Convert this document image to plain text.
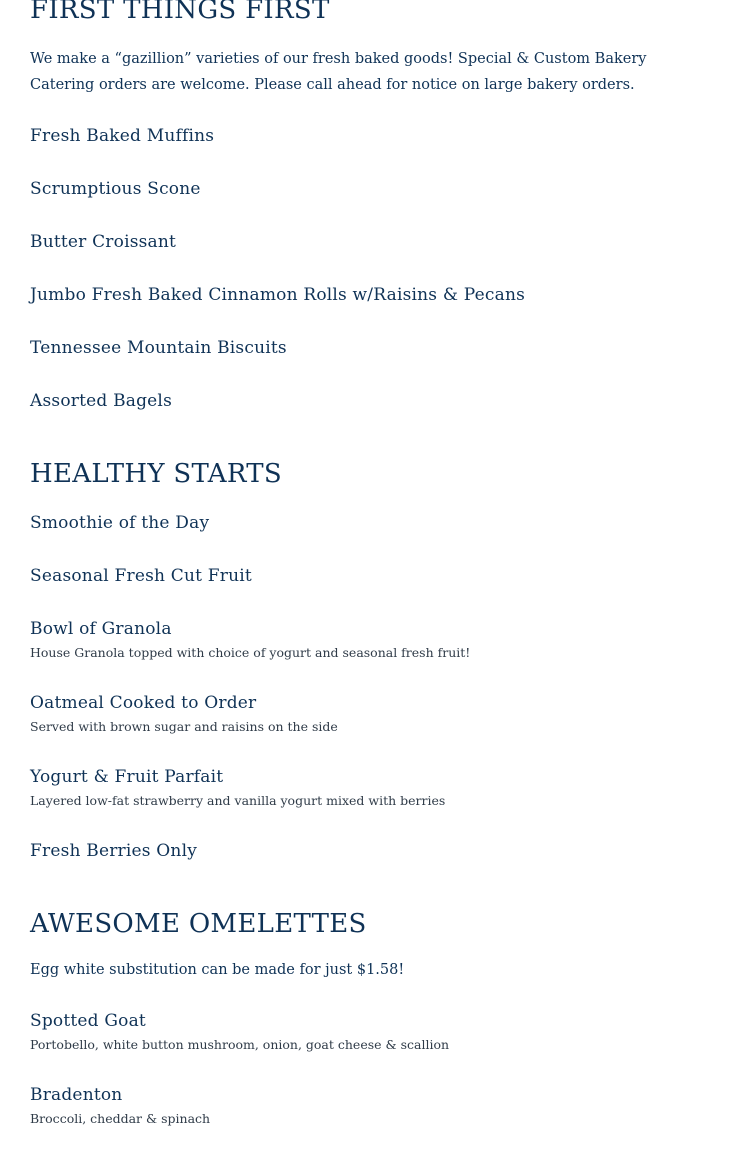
FIRST THINGS FIRST

We make a “gazillion” varieties of our fresh baked goods! Special & Custom Bakery Catering orders are welcome. Please call ahead for notice on large bakery orders.

Fresh Baked Muffins
Scrumptious Scone
Butter Croissant
Jumbo Fresh Baked Cinnamon Rolls w/Raisins & Pecans
Tennessee Mountain Biscuits
Assorted Bagels
HEALTHY STARTS
Smoothie of the Day
Seasonal Fresh Cut Fruit
Bowl of Granola
House Granola topped with choice of yogurt and seasonal fresh fruit!
Oatmeal Cooked to Order
Served with brown sugar and raisins on the side
Yogurt & Fruit Parfait
Layered low-fat strawberry and vanilla yogurt mixed with berries
Fresh Berries Only
AWESOME OMELETTES

Egg white substitution can be made for just $1.58!

Spotted Goat
Portobello, white button mushroom, onion, goat cheese & scallion
Bradenton
Broccoli, cheddar & spinach
